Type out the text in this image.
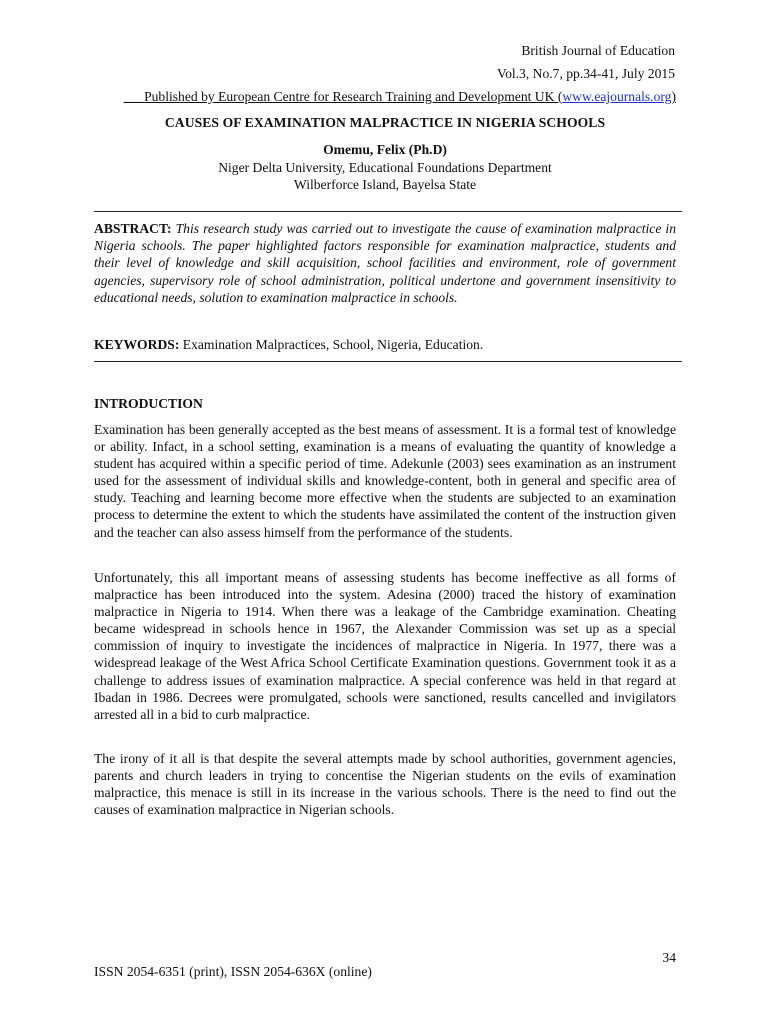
British Journal of Education
Vol.3, No.7, pp.34-41, July 2015
___Published by European Centre for Research Training and Development UK (www.eajournals.org)
CAUSES OF EXAMINATION MALPRACTICE IN NIGERIA SCHOOLS
Omemu, Felix (Ph.D)
Niger Delta University, Educational Foundations Department
Wilberforce Island, Bayelsa State

ABSTRACT: This research study was carried out to investigate the cause of examination malpractice in Nigeria schools. The paper highlighted factors responsible for examination malpractice, students and their level of knowledge and skill acquisition, school facilities and environment, role of government agencies, supervisory role of school administration, political undertone and government insensitivity to educational needs, solution to examination malpractice in schools.

KEYWORDS: Examination Malpractices, School, Nigeria, Education.

INTRODUCTION

Examination has been generally accepted as the best means of assessment. It is a formal test of knowledge or ability. Infact, in a school setting, examination is a means of evaluating the quantity of knowledge a student has acquired within a specific period of time. Adekunle (2003) sees examination as an instrument used for the assessment of individual skills and knowledge-content, both in general and specific area of study. Teaching and learning become more effective when the students are subjected to an examination process to determine the extent to which the students have assimilated the content of the instruction given and the teacher can also assess himself from the performance of the students.

Unfortunately, this all important means of assessing students has become ineffective as all forms of malpractice has been introduced into the system. Adesina (2000) traced the history of examination malpractice in Nigeria to 1914. When there was a leakage of the Cambridge examination. Cheating became widespread in schools hence in 1967, the Alexander Commission was set up as a special commission of inquiry to investigate the incidences of malpractice in Nigeria. In 1977, there was a widespread leakage of the West Africa School Certificate Examination questions. Government took it as a challenge to address issues of examination malpractice. A special conference was held in that regard at Ibadan in 1986. Decrees were promulgated, schools were sanctioned, results cancelled and invigilators arrested all in a bid to curb malpractice.

The irony of it all is that despite the several attempts made by school authorities, government agencies, parents and church leaders in trying to concentise the Nigerian students on the evils of examination malpractice, this menace is still in its increase in the various schools. There is the need to find out the causes of examination malpractice in Nigerian schools.

34
ISSN 2054-6351 (print), ISSN 2054-636X (online)
